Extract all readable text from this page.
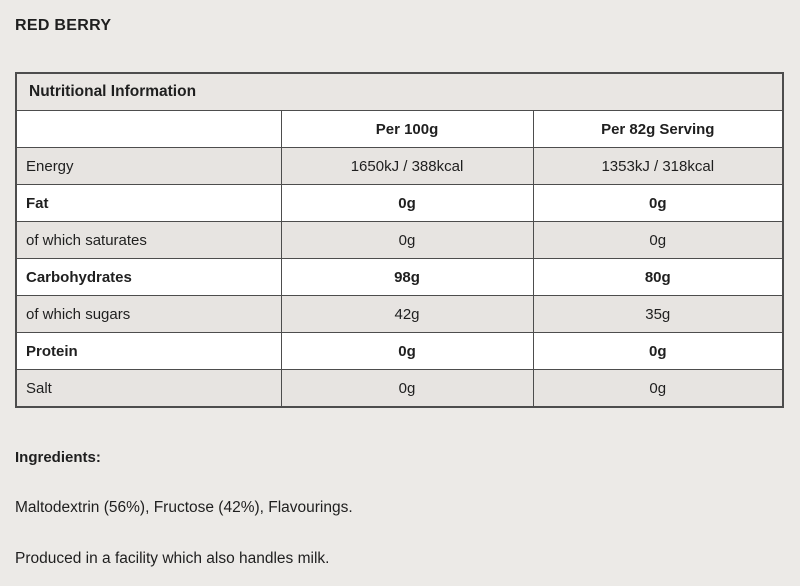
RED BERRY
Nutritional Information		
	Per 100g	Per 82g Serving
Energy	1650kJ / 388kcal	1353kJ / 318kcal
Fat	0g	0g
of which saturates	0g	0g
Carbohydrates	98g	80g
of which sugars	42g	35g
Protein	0g	0g
Salt	0g	0g
Ingredients:
Maltodextrin (56%), Fructose (42%), Flavourings.
Produced in a facility which also handles milk.
